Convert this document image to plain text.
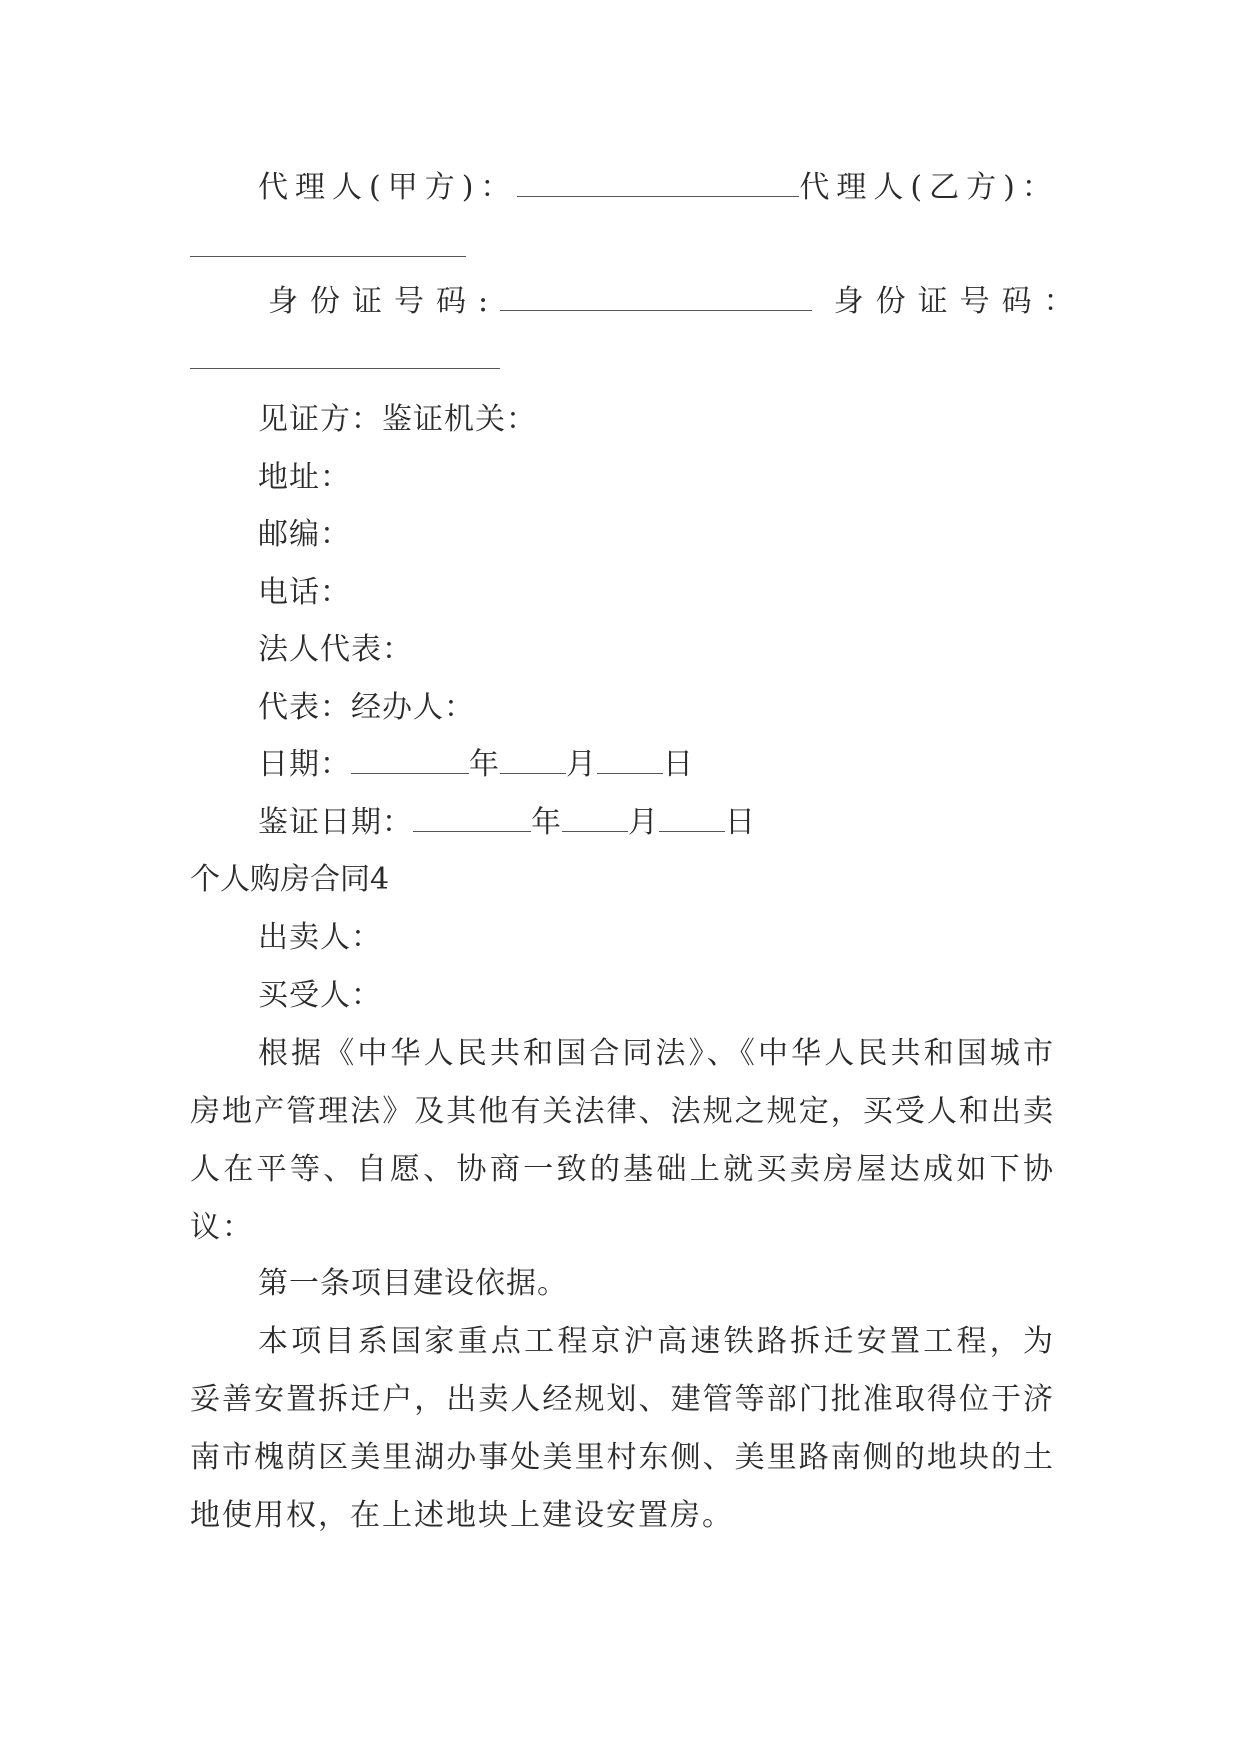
代理人(甲方)：	代理人(乙方)：
身份证号码:	身份证号码：
见证方：鉴证机关：
地址：
邮编：
电话：
法人代表：
代表：经办人：
日期：	年 月 日
鉴证日期：	年 月 日
个人购房合同4
出卖人：
买受人：
根据《中华人民共和国合同法》、《中华人民共和国城市房地产管理法》及其他有关法律、法规之规定，买受人和出卖人在平等、自愿、协商一致的基础上就买卖房屋达成如下协议：
第一条项目建设依据。
本项目系国家重点工程京沪高速铁路拆迁安置工程，为妥善安置拆迁户，出卖人经规划、建管等部门批准取得位于济南市槐荫区美里湖办事处美里村东侧、美里路南侧的地块的土地使用权，在上述地块上建设安置房。
